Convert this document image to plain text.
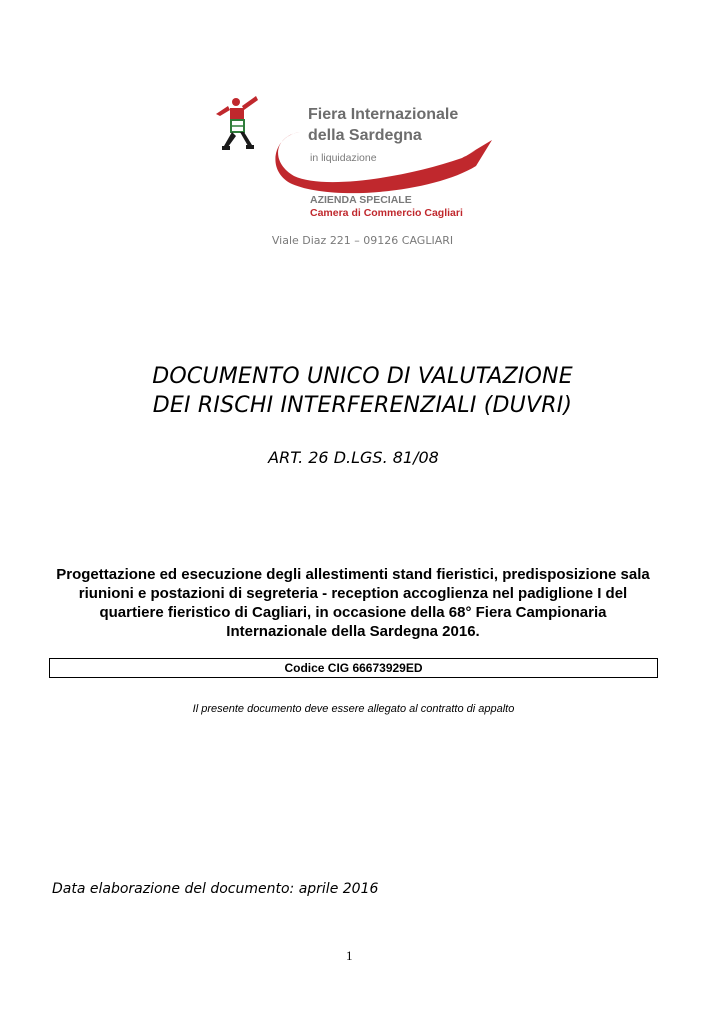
Fiera Internazionale
della Sardegna
in liquidazione
AZIENDA SPECIALE
Camera di Commercio Cagliari
Viale Diaz 221 – 09126 CAGLIARI
DOCUMENTO UNICO DI VALUTAZIONE
DEI RISCHI INTERFERENZIALI (DUVRI)
ART. 26 D.LGS. 81/08
Progettazione ed esecuzione degli allestimenti stand fieristici, predisposizione sala riunioni e postazioni di segreteria - reception accoglienza nel padiglione I del quartiere fieristico di Cagliari, in occasione della 68° Fiera Campionaria Internazionale della Sardegna 2016.
Codice CIG 66673929ED
Il presente documento deve essere allegato al contratto di appalto
Data elaborazione del documento: aprile 2016
1
